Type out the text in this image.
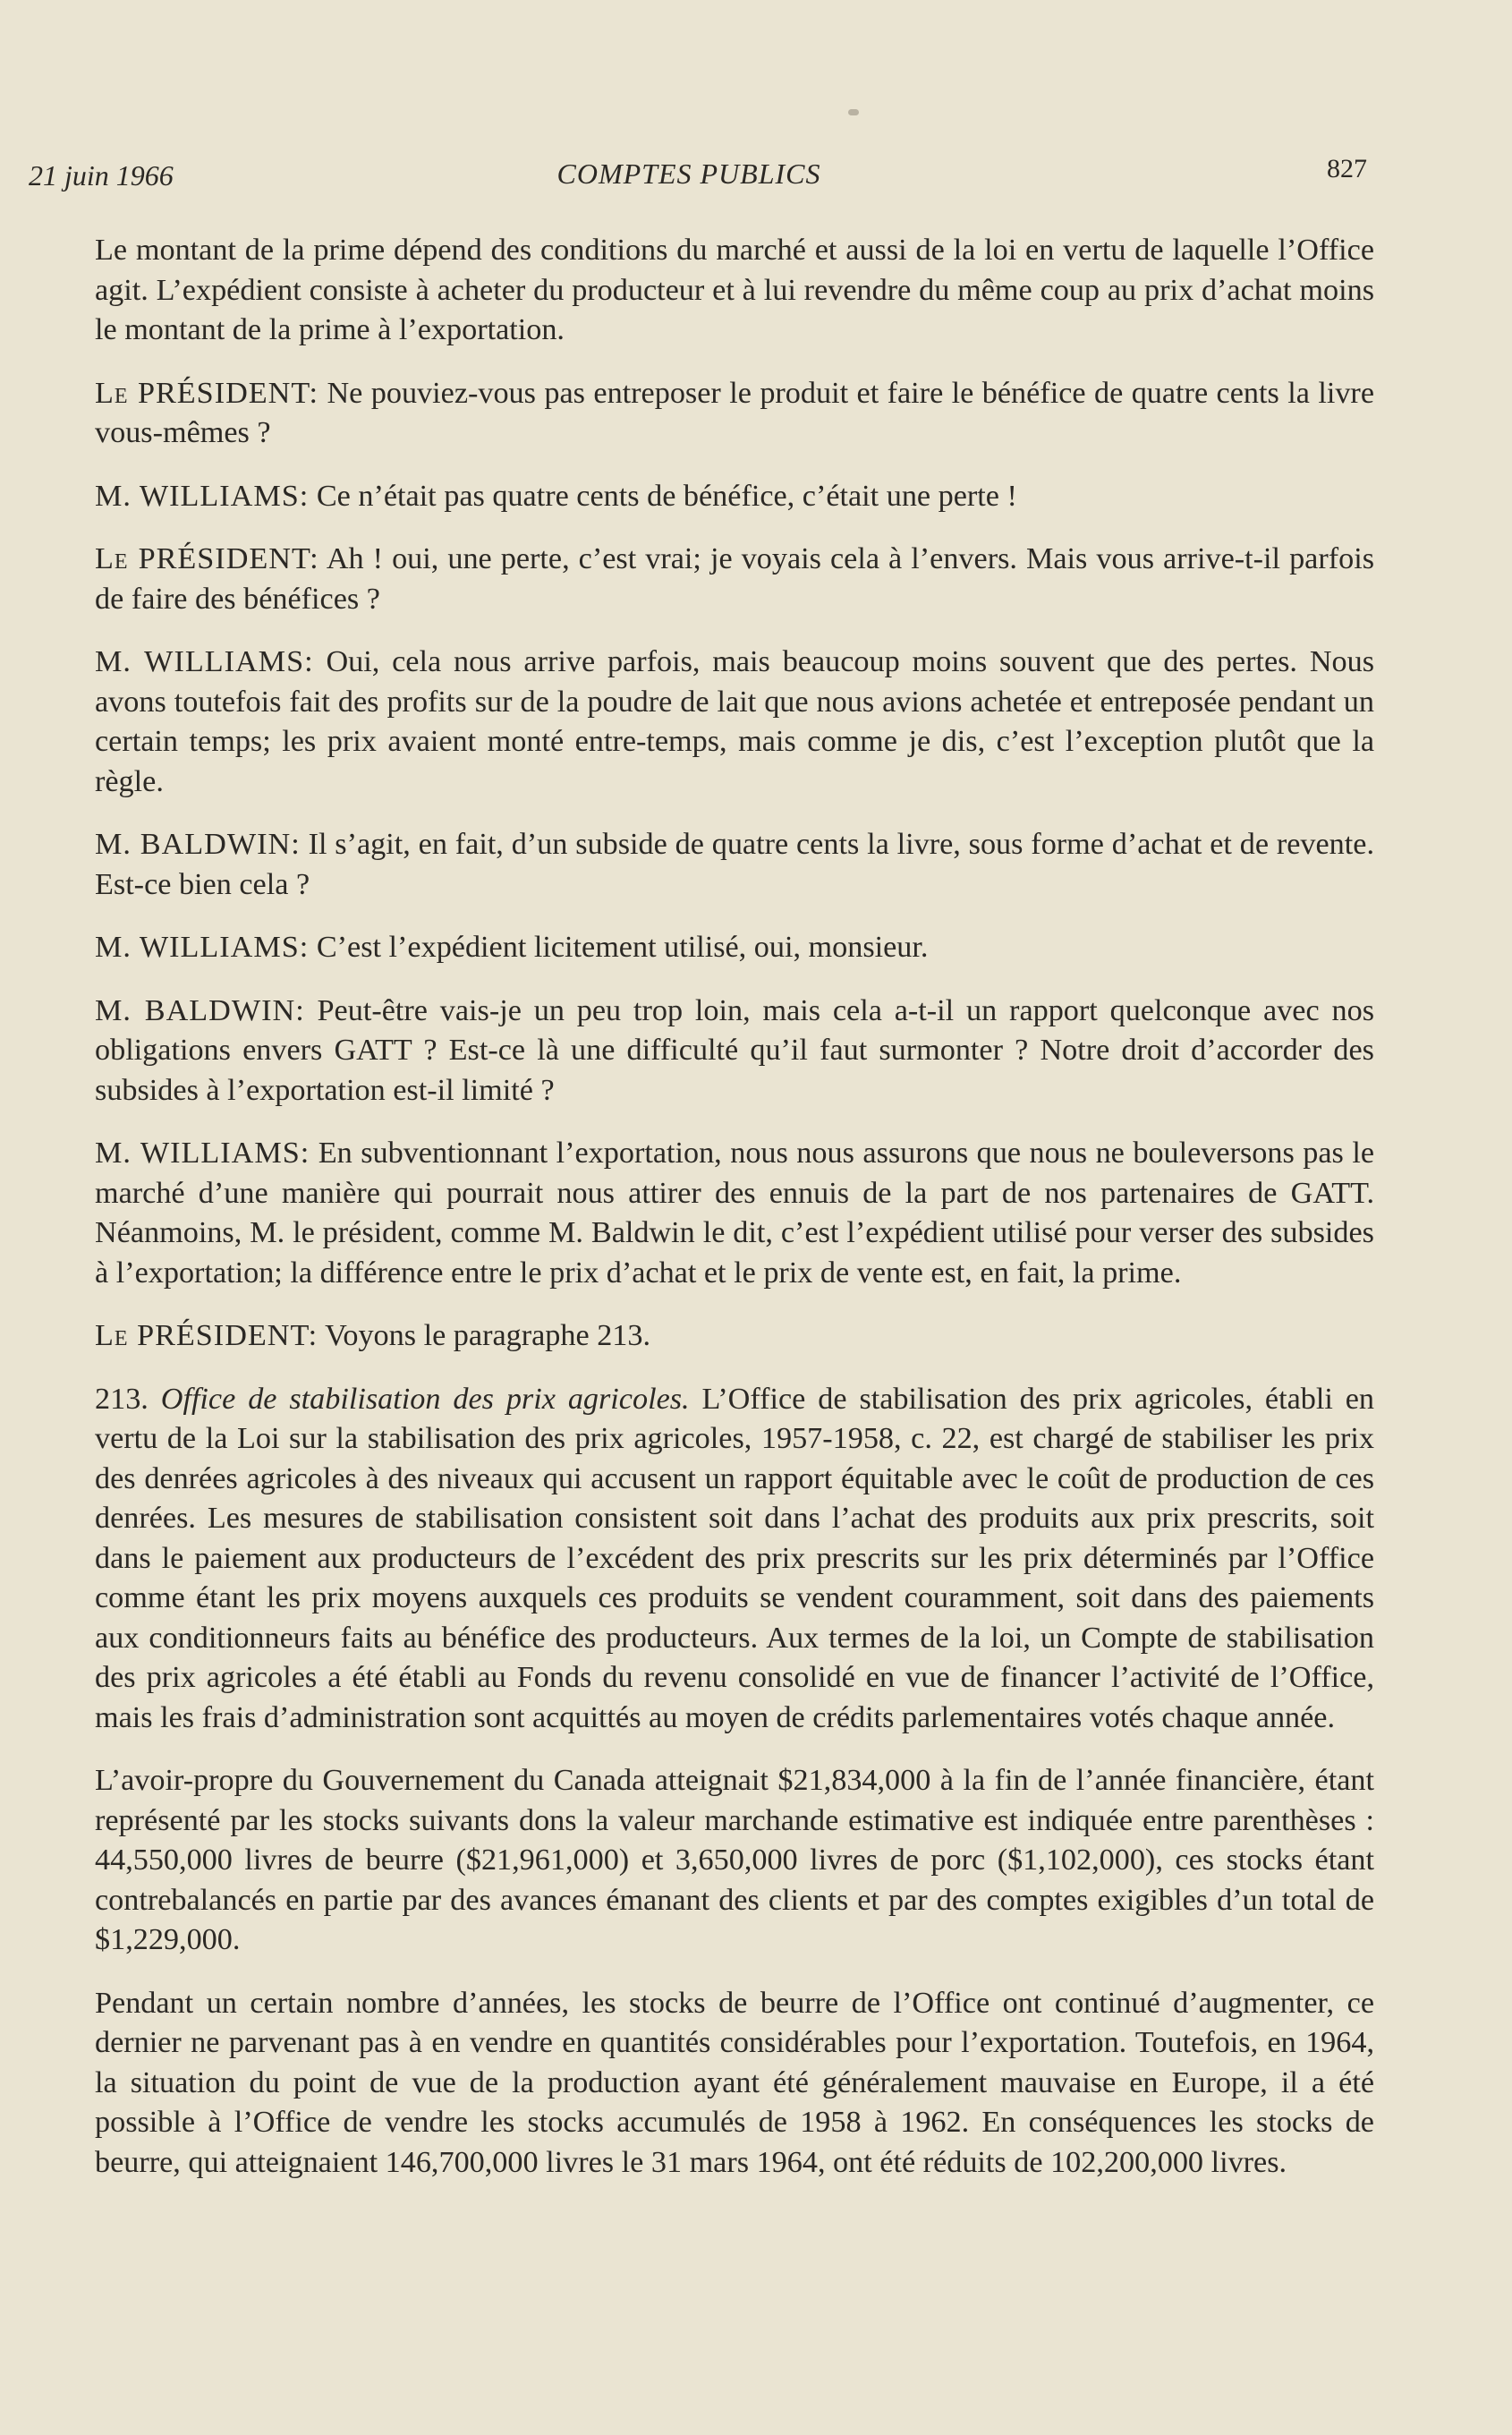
21 juin 1966	COMPTES PUBLICS	827

Le montant de la prime dépend des conditions du marché et aussi de la loi en vertu de laquelle l’Office agit. L’expédient consiste à acheter du producteur et à lui revendre du même coup au prix d’achat moins le montant de la prime à l’exportation.

Le PRÉSIDENT: Ne pouviez-vous pas entreposer le produit et faire le bénéfice de quatre cents la livre vous-mêmes ?

M. WILLIAMS: Ce n’était pas quatre cents de bénéfice, c’était une perte !

Le PRÉSIDENT: Ah ! oui, une perte, c’est vrai; je voyais cela à l’envers. Mais vous arrive-t-il parfois de faire des bénéfices ?

M. WILLIAMS: Oui, cela nous arrive parfois, mais beaucoup moins souvent que des pertes. Nous avons toutefois fait des profits sur de la poudre de lait que nous avions achetée et entreposée pendant un certain temps; les prix avaient monté entre-temps, mais comme je dis, c’est l’exception plutôt que la règle.

M. BALDWIN: Il s’agit, en fait, d’un subside de quatre cents la livre, sous forme d’achat et de revente. Est-ce bien cela ?

M. WILLIAMS: C’est l’expédient licitement utilisé, oui, monsieur.

M. BALDWIN: Peut-être vais-je un peu trop loin, mais cela a-t-il un rapport quelconque avec nos obligations envers GATT ? Est-ce là une difficulté qu’il faut surmonter ? Notre droit d’accorder des subsides à l’exportation est-il limité ?

M. WILLIAMS: En subventionnant l’exportation, nous nous assurons que nous ne bouleversons pas le marché d’une manière qui pourrait nous attirer des ennuis de la part de nos partenaires de GATT. Néanmoins, M. le président, comme M. Baldwin le dit, c’est l’expédient utilisé pour verser des subsides à l’exportation; la différence entre le prix d’achat et le prix de vente est, en fait, la prime.

Le PRÉSIDENT: Voyons le paragraphe 213.

213. Office de stabilisation des prix agricoles. L’Office de stabilisation des prix agricoles, établi en vertu de la Loi sur la stabilisation des prix agricoles, 1957-1958, c. 22, est chargé de stabiliser les prix des denrées agricoles à des niveaux qui accusent un rapport équitable avec le coût de production de ces denrées. Les mesures de stabilisation consistent soit dans l’achat des produits aux prix prescrits, soit dans le paiement aux producteurs de l’excédent des prix prescrits sur les prix déterminés par l’Office comme étant les prix moyens auxquels ces produits se vendent couramment, soit dans des paiements aux conditionneurs faits au bénéfice des producteurs. Aux termes de la loi, un Compte de stabilisation des prix agricoles a été établi au Fonds du revenu consolidé en vue de financer l’activité de l’Office, mais les frais d’administration sont acquittés au moyen de crédits parlementaires votés chaque année.

L’avoir-propre du Gouvernement du Canada atteignait $21,834,000 à la fin de l’année financière, étant représenté par les stocks suivants dons la valeur marchande estimative est indiquée entre parenthèses : 44,550,000 livres de beurre ($21,961,000) et 3,650,000 livres de porc ($1,102,000), ces stocks étant contrebalancés en partie par des avances émanant des clients et par des comptes exigibles d’un total de $1,229,000.

Pendant un certain nombre d’années, les stocks de beurre de l’Office ont continué d’augmenter, ce dernier ne parvenant pas à en vendre en quantités considérables pour l’exportation. Toutefois, en 1964, la situation du point de vue de la production ayant été généralement mauvaise en Europe, il a été possible à l’Office de vendre les stocks accumulés de 1958 à 1962. En conséquences les stocks de beurre, qui atteignaient 146,700,000 livres le 31 mars 1964, ont été réduits de 102,200,000 livres.
